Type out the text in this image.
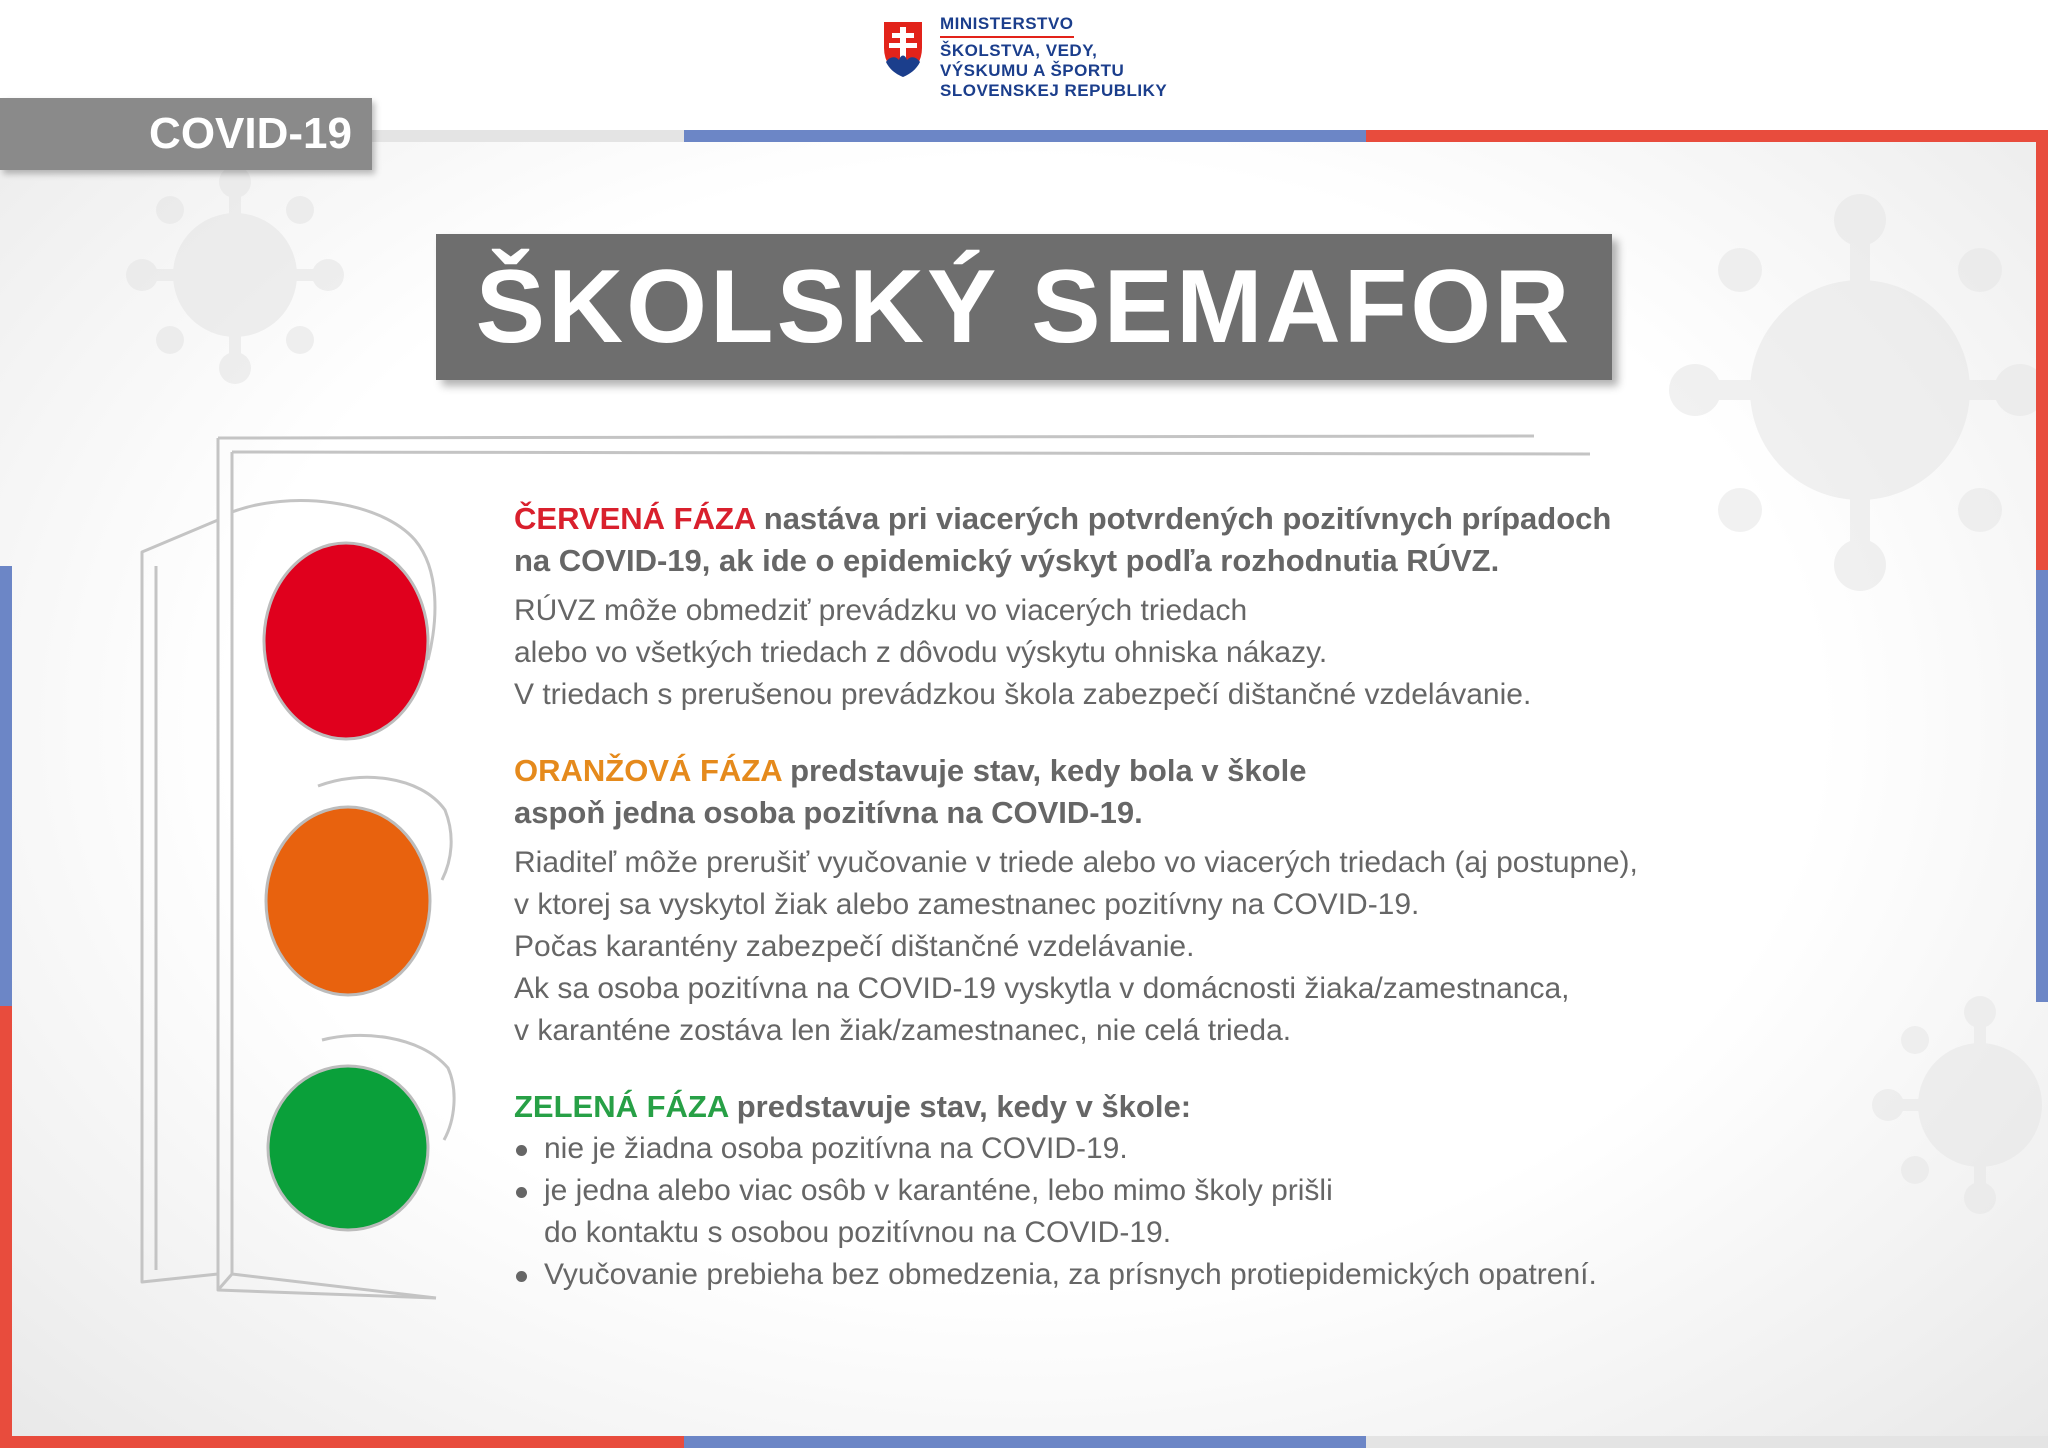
MINISTERSTVO
ŠKOLSTVA, VEDY,
VÝSKUMU A ŠPORTU
SLOVENSKEJ REPUBLIKY
COVID-19
ŠKOLSKÝ SEMAFOR
ČERVENÁ FÁZA nastáva pri viacerých potvrdených pozitívnych prípadoch
na COVID-19, ak ide o epidemický výskyt podľa rozhodnutia RÚVZ.
RÚVZ môže obmedziť prevádzku vo viacerých triedach
alebo vo všetkých triedach z dôvodu výskytu ohniska nákazy.
V triedach s prerušenou prevádzkou škola zabezpečí dištančné vzdelávanie.
ORANŽOVÁ FÁZA predstavuje stav, kedy bola v škole
aspoň jedna osoba pozitívna na COVID-19.
Riaditeľ môže prerušiť vyučovanie v triede alebo vo viacerých triedach (aj postupne),
v ktorej sa vyskytol žiak alebo zamestnanec pozitívny na COVID-19.
Počas karantény zabezpečí dištančné vzdelávanie.
Ak sa osoba pozitívna na COVID-19 vyskytla v domácnosti žiaka/zamestnanca,
v karanténe zostáva len žiak/zamestnanec, nie celá trieda.
ZELENÁ FÁZA predstavuje stav, kedy v škole:
nie je žiadna osoba pozitívna na COVID-19.
je jedna alebo viac osôb v karanténe, lebo mimo školy prišli
do kontaktu s osobou pozitívnou na COVID-19.
Vyučovanie prebieha bez obmedzenia, za prísnych protiepidemických opatrení.
